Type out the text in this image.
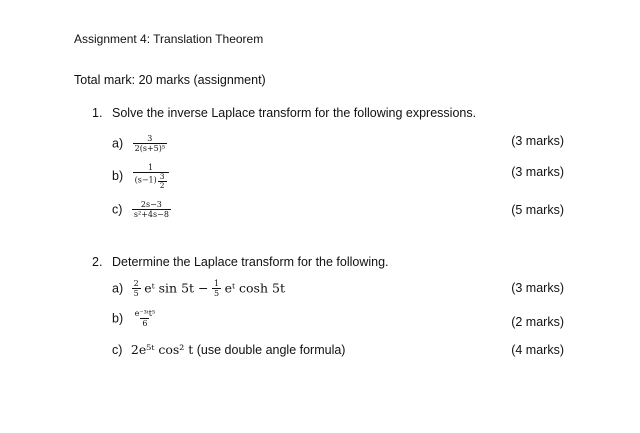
Assignment 4: Translation Theorem
Total mark: 20 marks (assignment)
1. Solve the inverse Laplace transform for the following expressions.
$a) \frac{3}{\text{2(s+5)⁵}}$	(3 marks)
$b) \frac{1}{(s-1) \frac{3}{2}}$	(3 marks)
$c) \frac{2s-3}{\text{s²+4s−8}}$	(5 marks)
2. Determine the Laplace transform for the following.
$a) \frac{2}{5}$ eᵗ $\sin 5t - \frac{1}{5}$ eᵗ cosh 5t	(3 marks)
$b) \frac{\text{e⁻³ᵗt⁵}}{6}$	(2 marks)
c) 2e⁵ᵗ cos² t (use double angle formula)	(4 marks)
